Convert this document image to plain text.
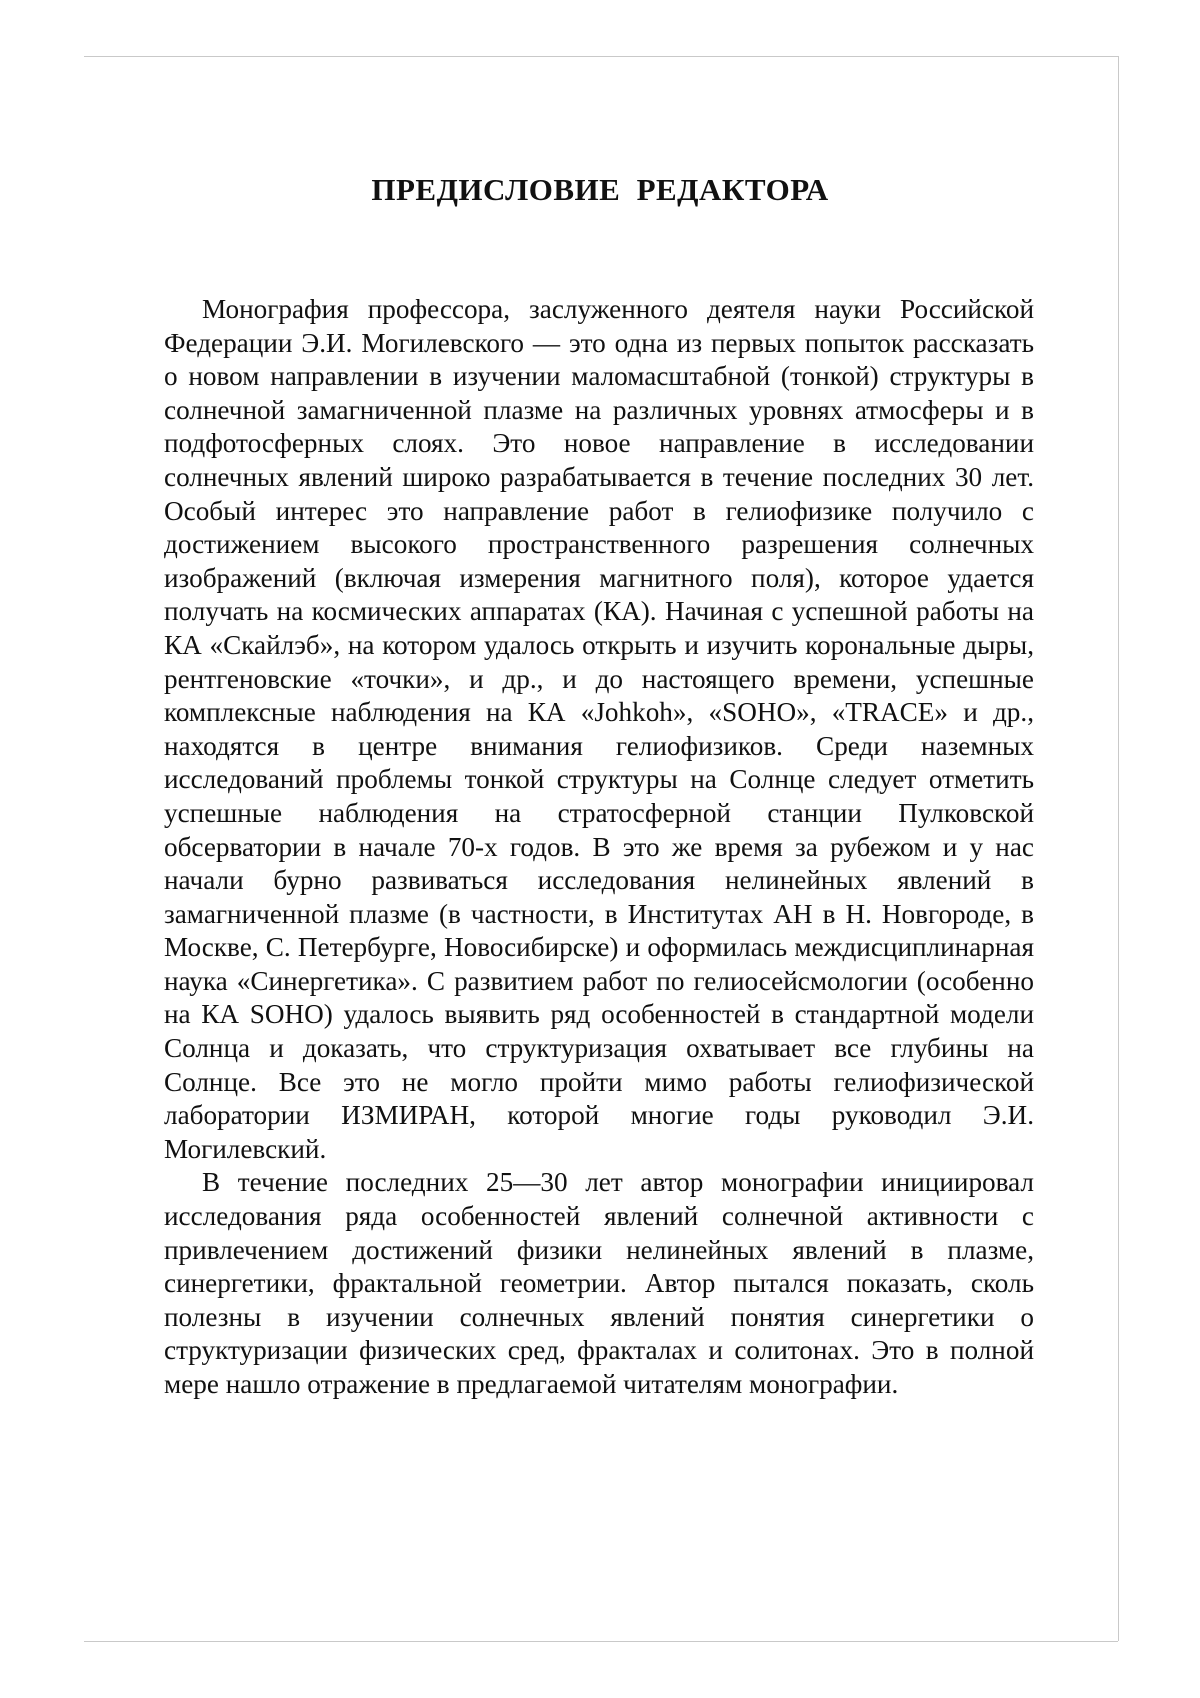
ПРЕДИСЛОВИЕ РЕДАКТОРА

Монография профессора, заслуженного деятеля науки Российской Федерации Э.И. Могилевского — это одна из первых попыток рассказать о новом направлении в изучении маломасштабной (тонкой) структуры в солнечной замагниченной плазме на различных уровнях атмосферы и в подфотосферных слоях. Это новое направление в исследовании солнечных явлений широко разрабатывается в течение последних 30 лет. Особый интерес это направление работ в гелиофизике получило с достижением высокого пространственного разрешения солнечных изображений (включая измерения магнитного поля), которое удается получать на космических аппаратах (КА). Начиная с успешной работы на КА «Скайлэб», на котором удалось открыть и изучить корональные дыры, рентгеновские «точки», и др., и до настоящего времени, успешные комплексные наблюдения на КА «Johkoh», «SOHO», «TRACE» и др., находятся в центре внимания гелиофизиков. Среди наземных исследований проблемы тонкой структуры на Солнце следует отметить успешные наблюдения на стратосферной станции Пулковской обсерватории в начале 70-х годов. В это же время за рубежом и у нас начали бурно развиваться исследования нелинейных явлений в замагниченной плазме (в частности, в Институтах АН в Н. Новгороде, в Москве, С. Петербурге, Новосибирске) и оформилась междисциплинарная наука «Синергетика». С развитием работ по гелиосейсмологии (особенно на КА SOHO) удалось выявить ряд особенностей в стандартной модели Солнца и доказать, что структуризация охватывает все глубины на Солнце. Все это не могло пройти мимо работы гелиофизической лаборатории ИЗМИРАН, которой многие годы руководил Э.И. Могилевский.

В течение последних 25—30 лет автор монографии инициировал исследования ряда особенностей явлений солнечной активности с привлечением достижений физики нелинейных явлений в плазме, синергетики, фрактальной геометрии. Автор пытался показать, сколь полезны в изучении солнечных явлений понятия синергетики о структуризации физических сред, фракталах и солитонах. Это в полной мере нашло отражение в предлагаемой читателям монографии.
